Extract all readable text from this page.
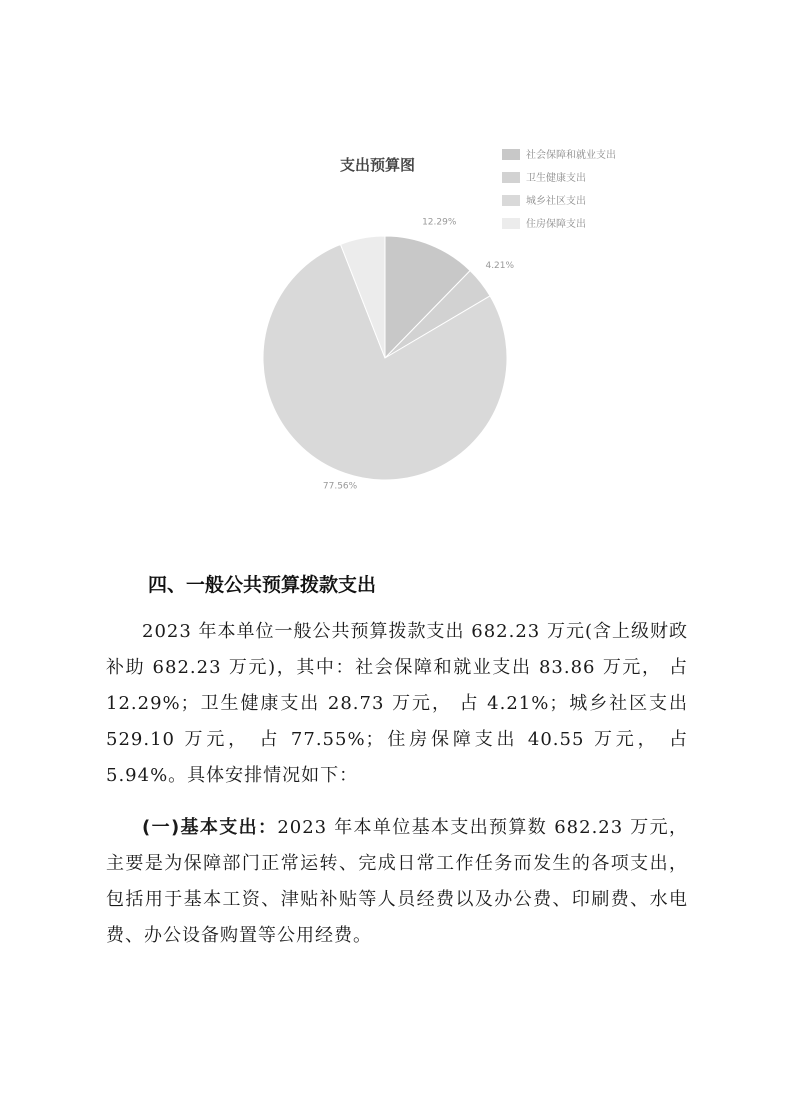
支出预算图
12.29%
4.21%
77.56%
社会保障和就业支出
卫生健康支出
城乡社区支出
住房保障支出
四、一般公共预算拨款支出
2023 年本单位一般公共预算拨款支出 682.23 万元(含上级财政补助 682.23 万元)，其中：社会保障和就业支出 83.86 万元， 占 12.29%；卫生健康支出 28.73 万元， 占 4.21%；城乡社区支出 529.10 万元， 占 77.55%；住房保障支出 40.55 万元， 占 5.94%。具体安排情况如下：
(一)基本支出：2023 年本单位基本支出预算数 682.23 万元，主要是为保障部门正常运转、完成日常工作任务而发生的各项支出，包括用于基本工资、津贴补贴等人员经费以及办公费、印刷费、水电费、办公设备购置等公用经费。
